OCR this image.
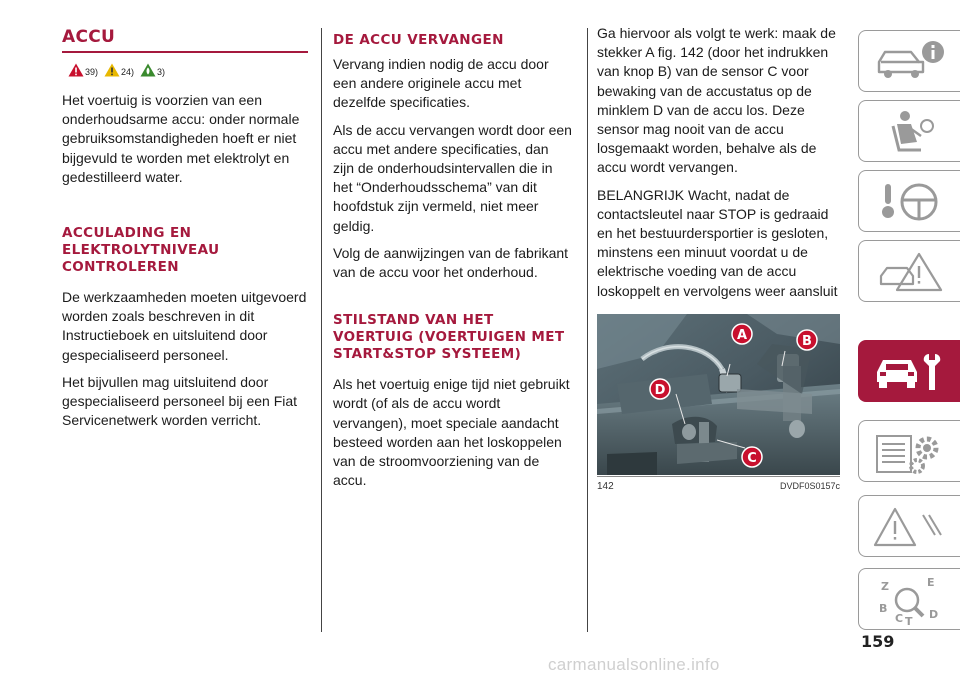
ACCU
39)	24)	3)

Het voertuig is voorzien van een onderhoudsarme accu: onder normale gebruiksomstandigheden hoeft er niet bijgevuld te worden met elektrolyt en gedestilleerd water.

ACCULADING EN ELEKTROLYTNIVEAU CONTROLEREN

De werkzaamheden moeten uitgevoerd worden zoals beschreven in dit Instructieboek en uitsluitend door gespecialiseerd personeel.

Het bijvullen mag uitsluitend door gespecialiseerd personeel bij een Fiat Servicenetwerk worden verricht.

DE ACCU VERVANGEN

Vervang indien nodig de accu door een andere originele accu met dezelfde specificaties.

Als de accu vervangen wordt door een accu met andere specificaties, dan zijn de onderhoudsintervallen die in het “Onderhoudsschema” van dit hoofdstuk zijn vermeld, niet meer geldig.

Volg de aanwijzingen van de fabrikant van de accu voor het onderhoud.

STILSTAND VAN HET VOERTUIG (VOERTUIGEN MET START&STOP SYSTEEM)

Als het voertuig enige tijd niet gebruikt wordt (of als de accu wordt vervangen), moet speciale aandacht besteed worden aan het loskoppelen van de stroomvoorziening van de accu.

Ga hiervoor als volgt te werk: maak de stekker A fig. 142 (door het indrukken van knop B) van de sensor C voor bewaking van de accustatus op de minklem D van de accu los. Deze sensor mag nooit van de accu losgemaakt worden, behalve als de accu wordt vervangen.

BELANGRIJK Wacht, nadat de contactsleutel naar STOP is gedraaid en het bestuurdersportier is gesloten, minstens een minuut voordat u de elektrische voeding van de accu loskoppelt en vervolgens weer aansluit

A	B
C
D
142	DVDF0S0157c
Z	E
B	D
C T
159
carmanualsonline.info
